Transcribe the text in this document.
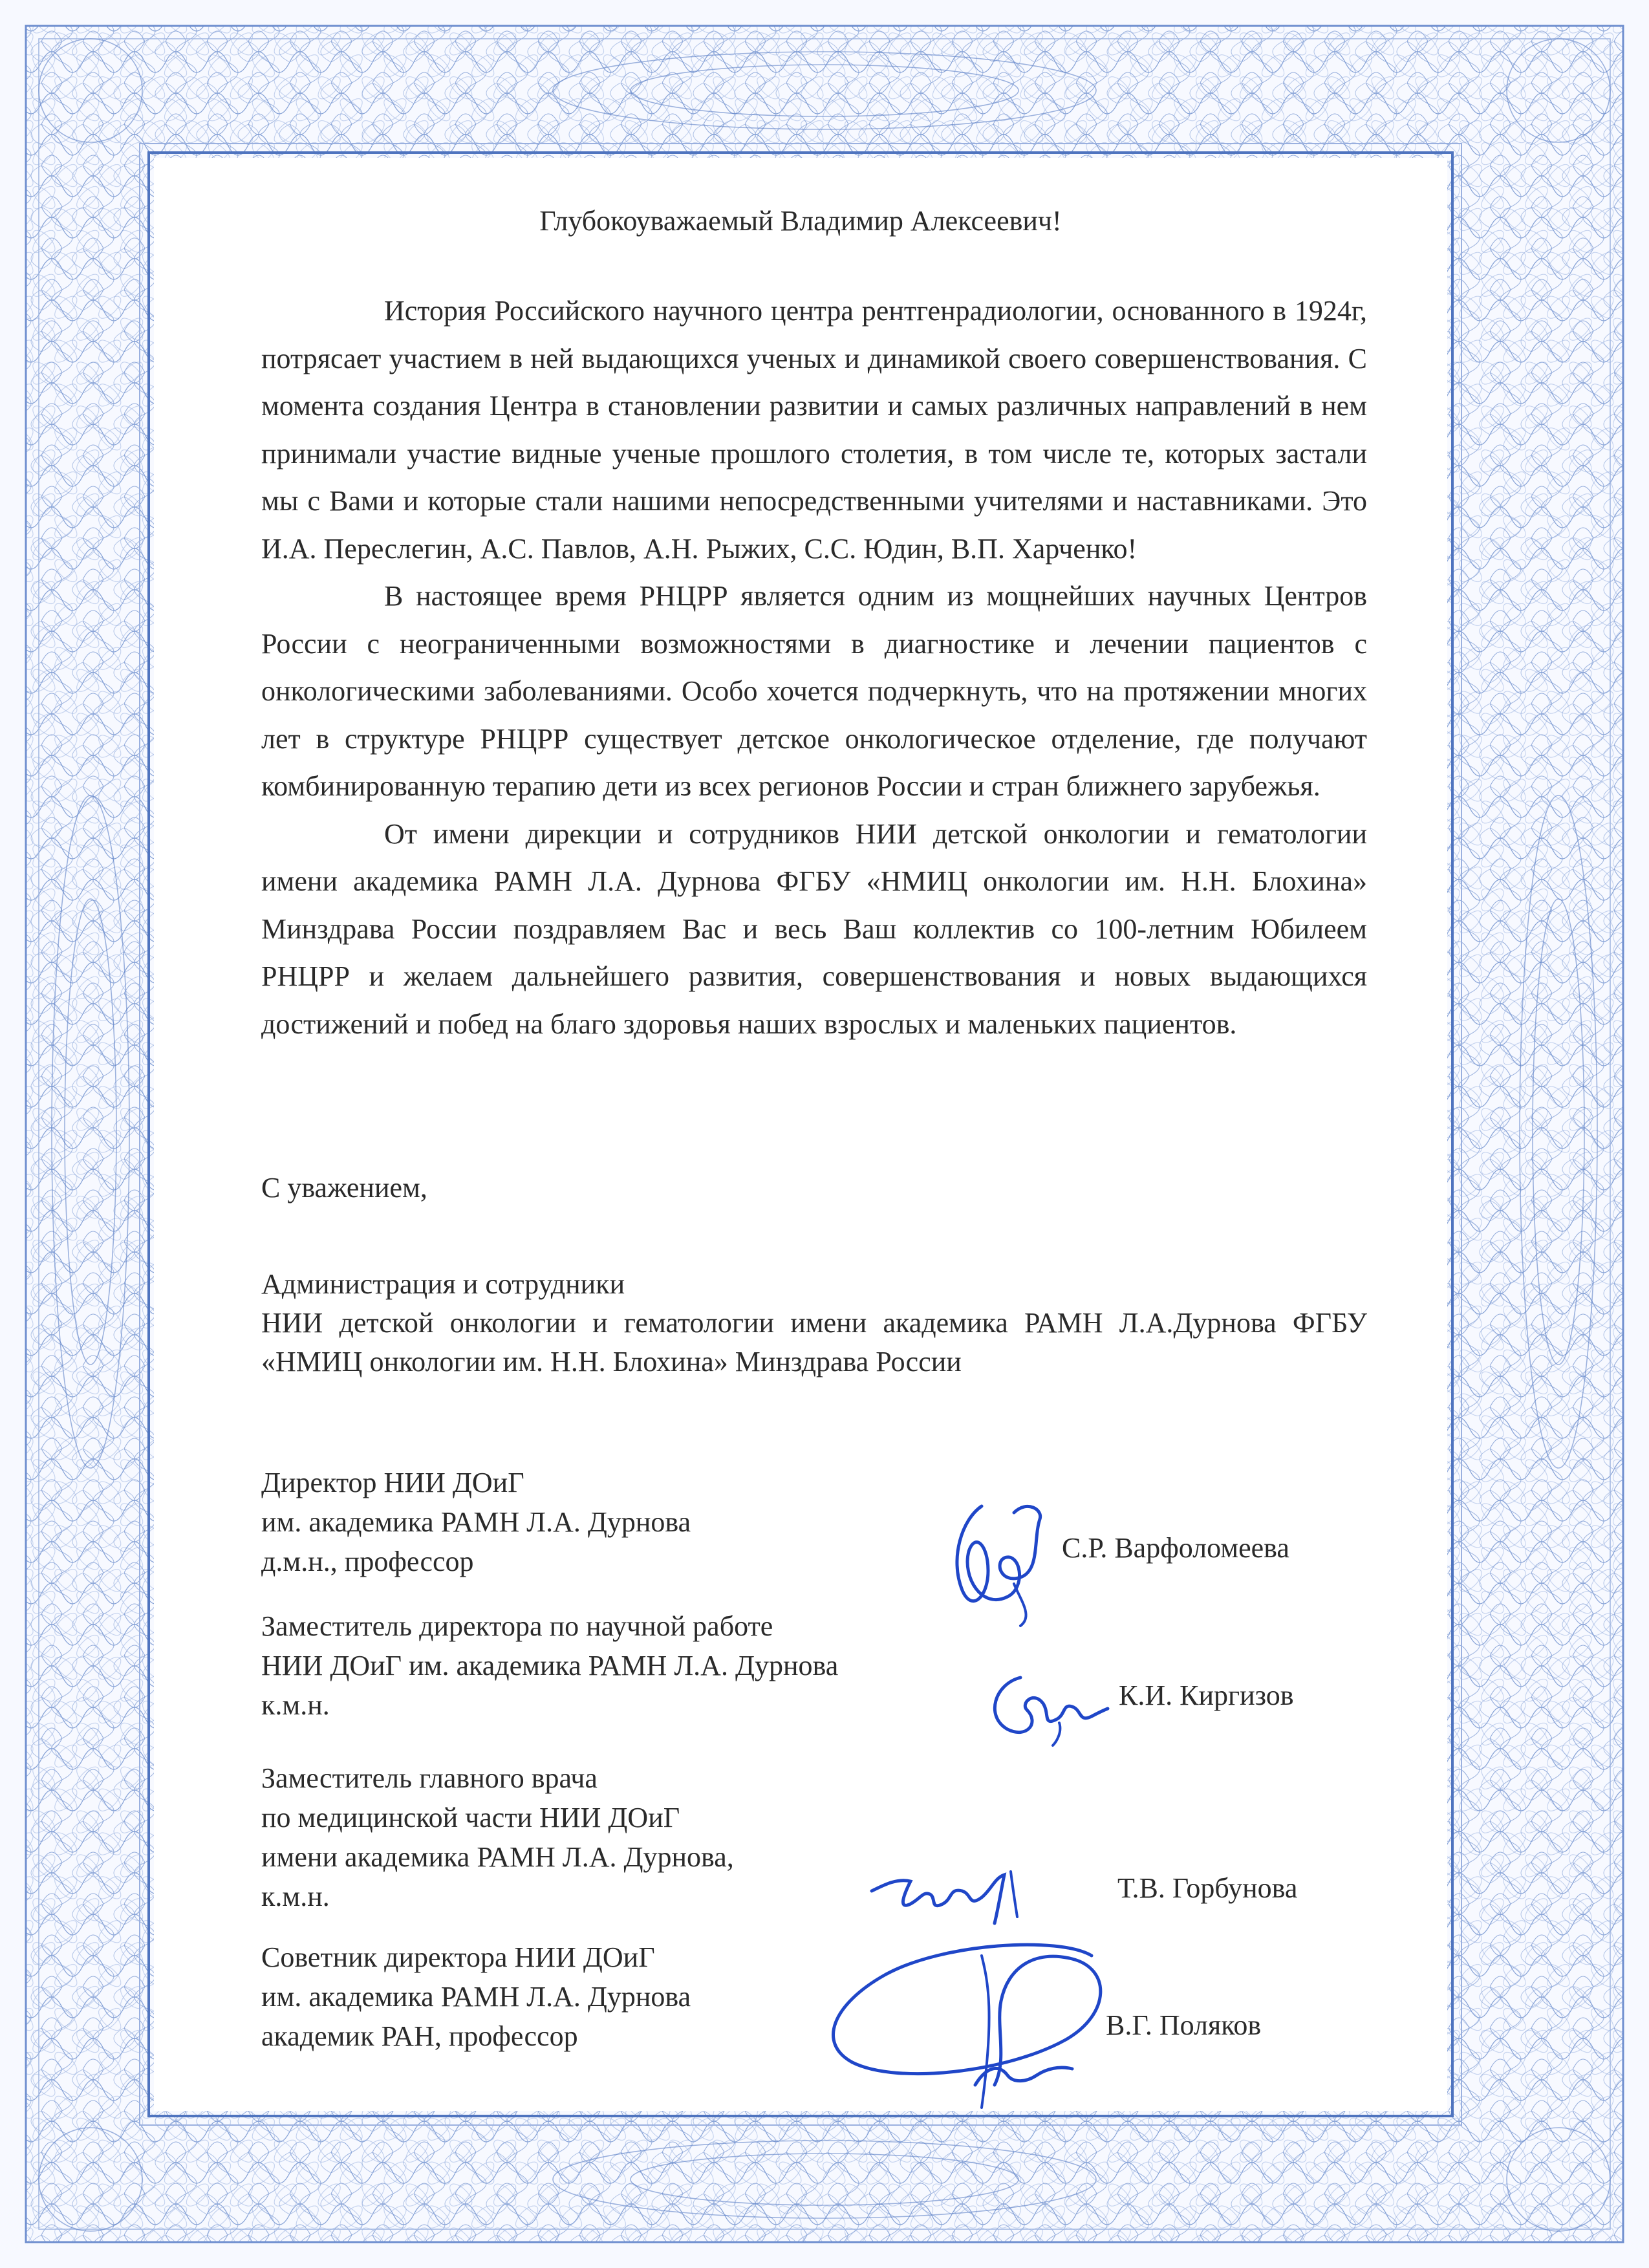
Глубокоуважаемый Владимир Алексеевич!

История Российского научного центра рентгенрадиологии, основанного в 1924г, потрясает участием в ней выдающихся ученых и динамикой своего совершенствования. С момента создания Центра в становлении развитии и самых различных направлений в нем принимали участие видные ученые прошлого столетия, в том числе те, которых застали мы с Вами и которые стали нашими непосредственными учителями и наставниками. Это И.А. Переслегин, А.С. Павлов, А.Н. Рыжих, С.С. Юдин, В.П. Харченко!

В настоящее время РНЦРР является одним из мощнейших научных Центров России с неограниченными возможностями в диагностике и лечении пациентов с онкологическими заболеваниями. Особо хочется подчеркнуть, что на протяжении многих лет в структуре РНЦРР существует детское онкологическое отделение, где получают комбинированную терапию дети из всех регионов России и стран ближнего зарубежья.

От имени дирекции и сотрудников НИИ детской онкологии и гематологии имени академика РАМН Л.А. Дурнова ФГБУ «НМИЦ онкологии им. Н.Н. Блохина» Минздрава России поздравляем Вас и весь Ваш коллектив со 100-летним Юбилеем РНЦРР и желаем дальнейшего развития, совершенствования и новых выдающихся достижений и побед на благо здоровья наших взрослых и маленьких пациентов.

С уважением,
Администрация и сотрудники
НИИ детской онкологии и гематологии имени академика РАМН Л.А.Дурнова ФГБУ «НМИЦ онкологии им. Н.Н. Блохина» Минздрава России
Директор НИИ ДОиГ
им. академика РАМН Л.А. Дурнова
д.м.н., профессор	С.Р. Варфоломеева
Заместитель директора по научной работе
НИИ ДОиГ им. академика РАМН Л.А. Дурнова
к.м.н.	К.И. Киргизов
Заместитель главного врача
по медицинской части НИИ ДОиГ
имени академика РАМН Л.А. Дурнова,
к.м.н.	Т.В. Горбунова
Советник директора НИИ ДОиГ
им. академика РАМН Л.А. Дурнова
академик РАН, профессор	В.Г. Поляков
